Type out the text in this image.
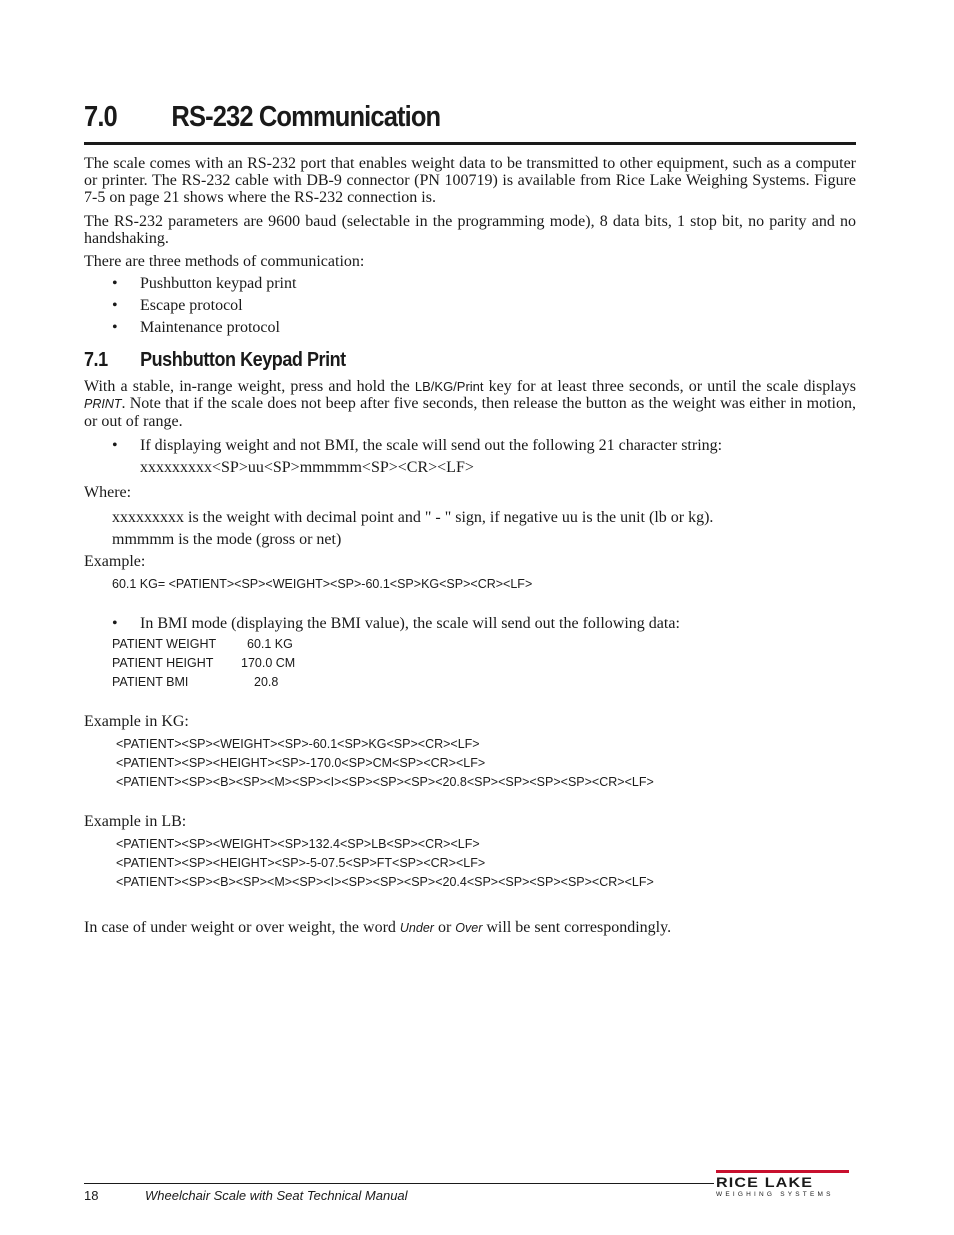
7.0 RS-232 Communication
The scale comes with an RS-232 port that enables weight data to be transmitted to other equipment, such as a computer or printer. The RS-232 cable with DB-9 connector (PN 100719) is available from Rice Lake Weighing Systems. Figure 7-5 on page 21 shows where the RS-232 connection is.
The RS-232 parameters are 9600 baud (selectable in the programming mode), 8 data bits, 1 stop bit, no parity and no handshaking.
There are three methods of communication:
• Pushbutton keypad print
• Escape protocol
• Maintenance protocol
7.1 Pushbutton Keypad Print
With a stable, in-range weight, press and hold the LB/KG/Print key for at least three seconds, or until the scale displays PRINT. Note that if the scale does not beep after five seconds, then release the button as the weight was either in motion, or out of range.
• If displaying weight and not BMI, the scale will send out the following 21 character string:
xxxxxxxxx<SP>uu<SP>mmmmm<SP><CR><LF>
Where:
xxxxxxxxx is the weight with decimal point and " - " sign, if negative uu is the unit (lb or kg).
mmmmm is the mode (gross or net)
Example:
60.1 KG= <PATIENT><SP><WEIGHT><SP>-60.1<SP>KG<SP><CR><LF>
• In BMI mode (displaying the BMI value), the scale will send out the following data:
PATIENT WEIGHT 60.1 KG
PATIENT HEIGHT 170.0 CM
PATIENT BMI	20.8
Example in KG:
<PATIENT><SP><WEIGHT><SP>-60.1<SP>KG<SP><CR><LF>
<PATIENT><SP><HEIGHT><SP>-170.0<SP>CM<SP><CR><LF>
<PATIENT><SP><B><SP><M><SP><I><SP><SP><SP><20.8<SP><SP><SP><SP><CR><LF>
Example in LB:
<PATIENT><SP><WEIGHT><SP>132.4<SP>LB<SP><CR><LF>
<PATIENT><SP><HEIGHT><SP>-5-07.5<SP>FT<SP><CR><LF>
<PATIENT><SP><B><SP><M><SP><I><SP><SP><SP><20.4<SP><SP><SP><SP><CR><LF>
In case of under weight or over weight, the word Under or Over will be sent correspondingly.
18	Wheelchair Scale with Seat Technical Manual
RICE LAKE
WEIGHING SYSTEMS
